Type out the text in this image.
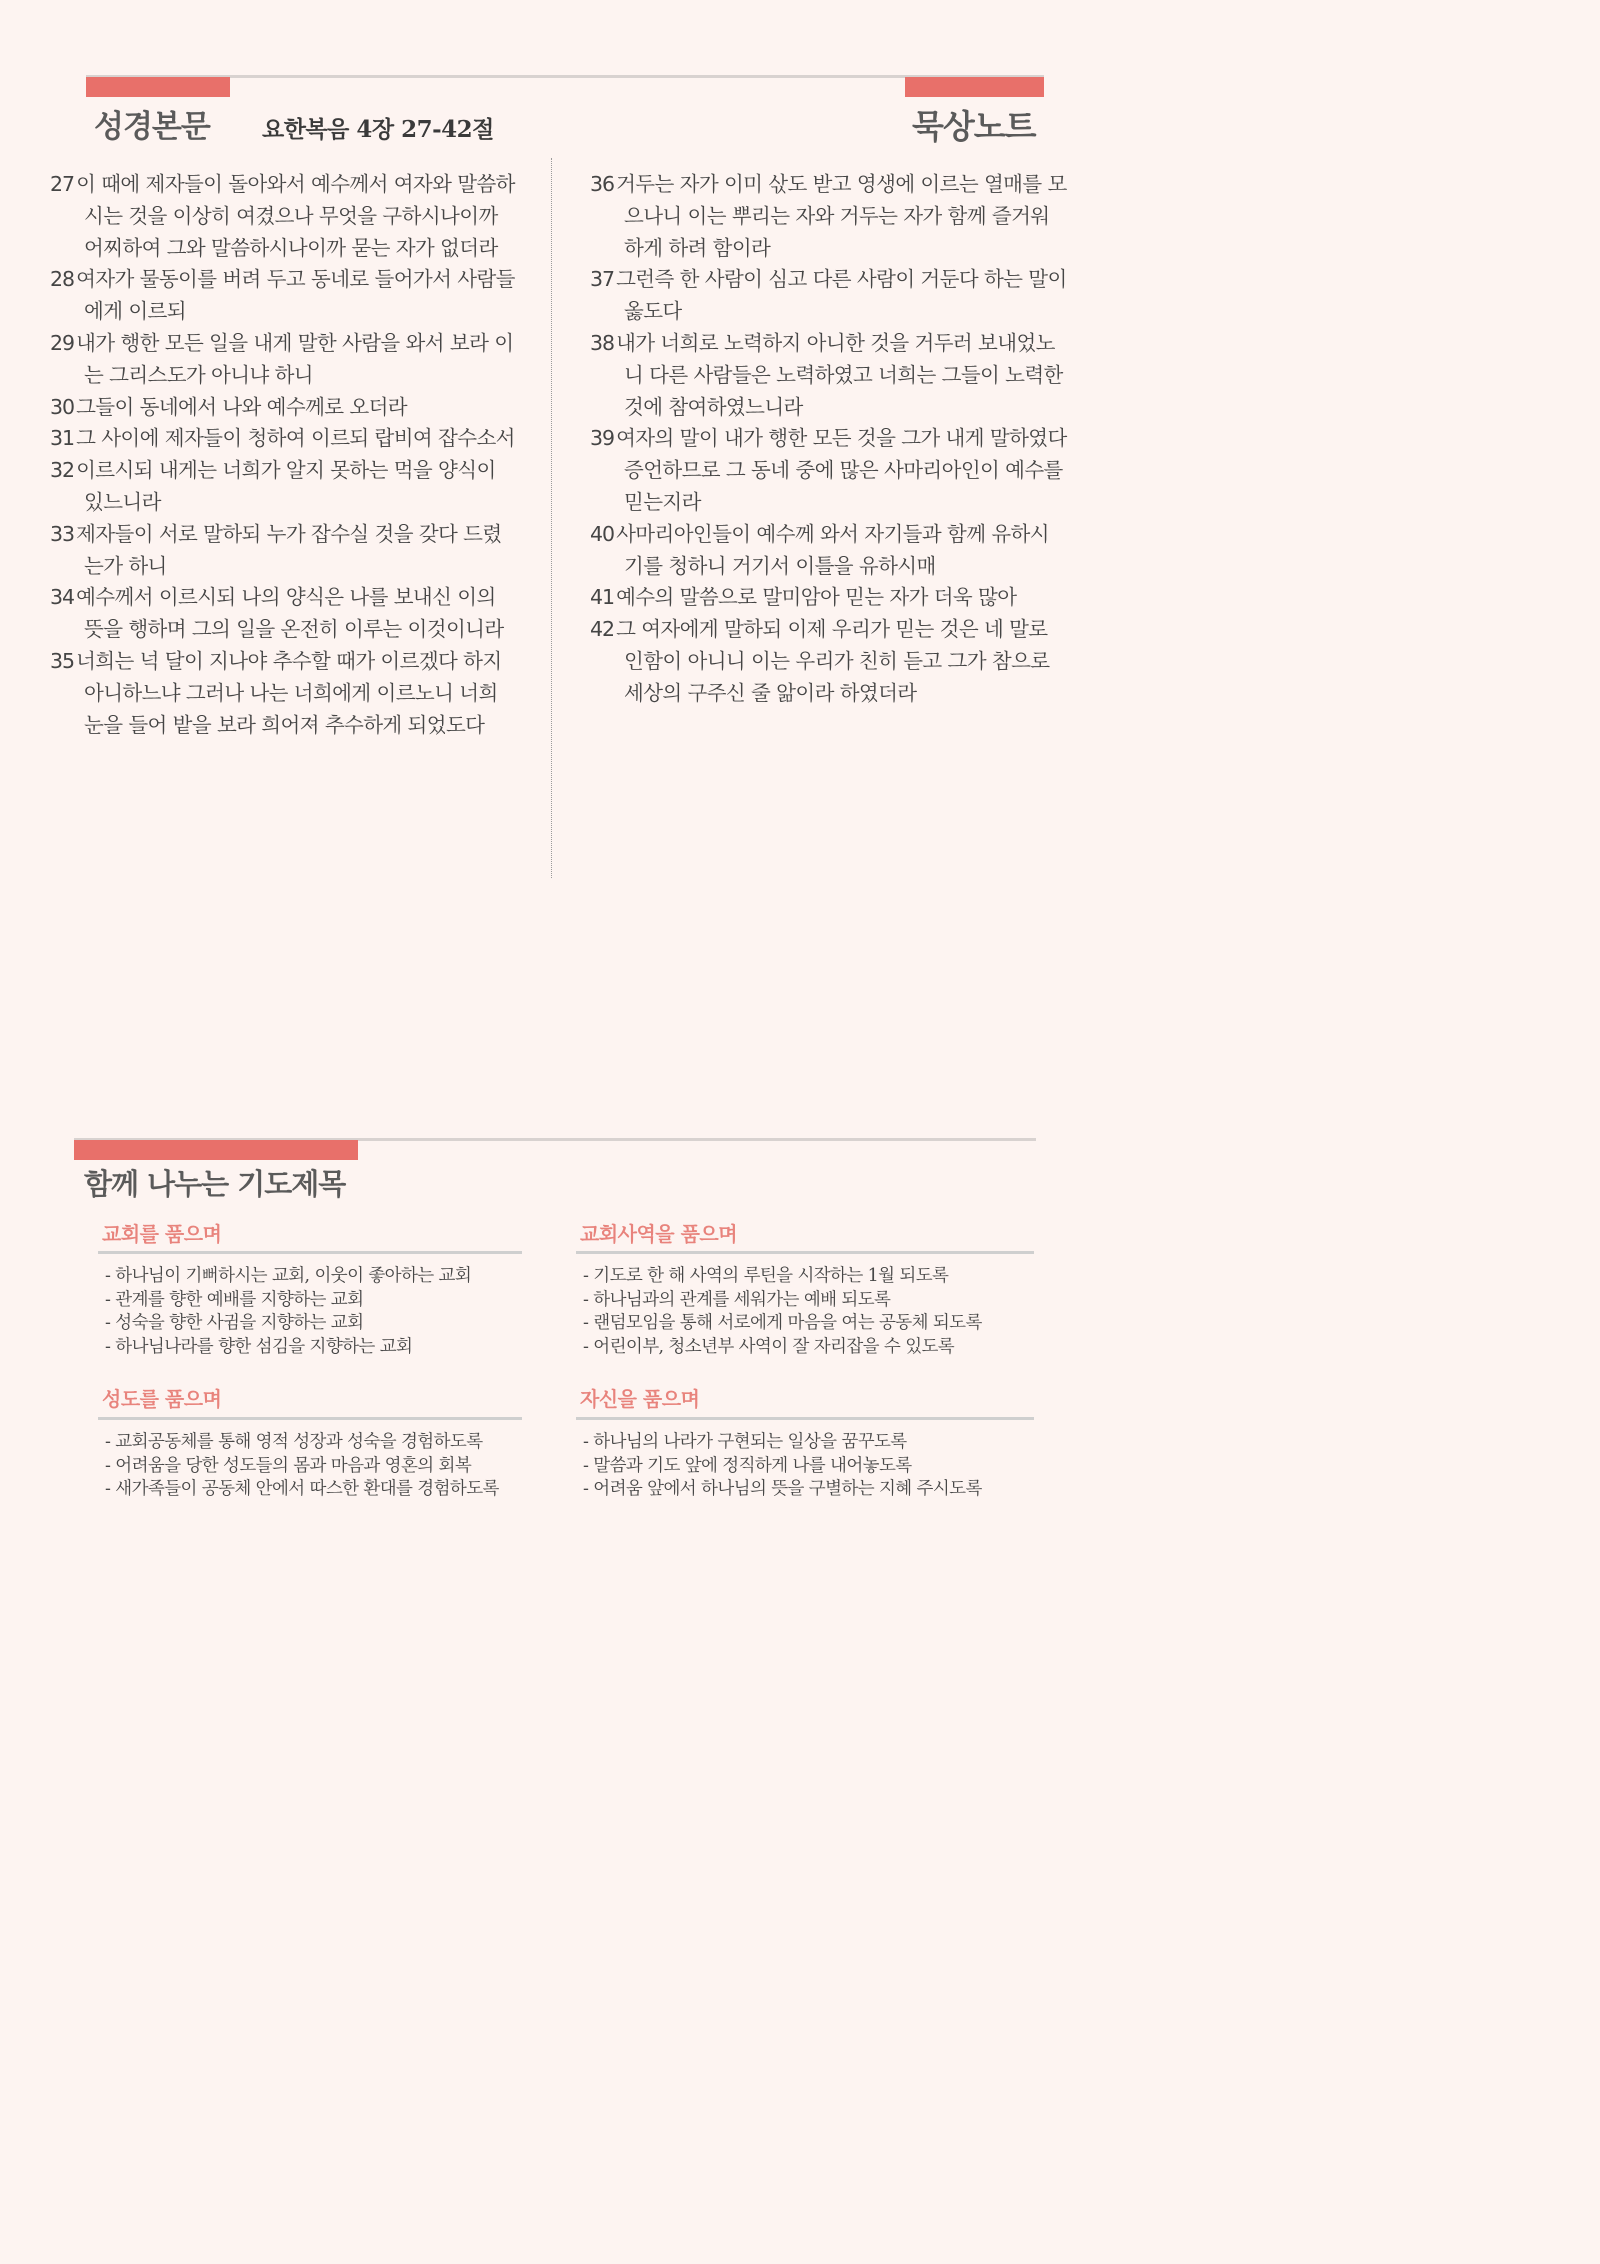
성경본문 요한복음 4장 27-42절	묵상노트
27이 때에 제자들이 돌아와서 예수께서 여자와 말씀하시는 것을 이상히 여겼으나 무엇을 구하시나이까 어찌하여 그와 말씀하시나이까 묻는 자가 없더라
28여자가 물동이를 버려 두고 동네로 들어가서 사람들에게 이르되
29내가 행한 모든 일을 내게 말한 사람을 와서 보라 이는 그리스도가 아니냐 하니
30그들이 동네에서 나와 예수께로 오더라
31그 사이에 제자들이 청하여 이르되 랍비여 잡수소서
32이르시되 내게는 너희가 알지 못하는 먹을 양식이 있느니라
33제자들이 서로 말하되 누가 잡수실 것을 갖다 드렸는가 하니
34예수께서 이르시되 나의 양식은 나를 보내신 이의 뜻을 행하며 그의 일을 온전히 이루는 이것이니라
35너희는 넉 달이 지나야 추수할 때가 이르겠다 하지 아니하느냐 그러나 나는 너희에게 이르노니 너희 눈을 들어 밭을 보라 희어져 추수하게 되었도다
36거두는 자가 이미 삯도 받고 영생에 이르는 열매를 모으나니 이는 뿌리는 자와 거두는 자가 함께 즐거워하게 하려 함이라
37그런즉 한 사람이 심고 다른 사람이 거둔다 하는 말이 옳도다
38내가 너희로 노력하지 아니한 것을 거두러 보내었노니 다른 사람들은 노력하였고 너희는 그들이 노력한 것에 참여하였느니라
39여자의 말이 내가 행한 모든 것을 그가 내게 말하였다 증언하므로 그 동네 중에 많은 사마리아인이 예수를 믿는지라
40사마리아인들이 예수께 와서 자기들과 함께 유하시기를 청하니 거기서 이틀을 유하시매
41예수의 말씀으로 말미암아 믿는 자가 더욱 많아
42그 여자에게 말하되 이제 우리가 믿는 것은 네 말로 인함이 아니니 이는 우리가 친히 듣고 그가 참으로 세상의 구주신 줄 앎이라 하였더라
함께 나누는 기도제목
교회를 품으며
- 하나님이 기뻐하시는 교회, 이웃이 좋아하는 교회
- 관계를 향한 예배를 지향하는 교회
- 성숙을 향한 사귐을 지향하는 교회
- 하나님나라를 향한 섬김을 지향하는 교회
교회사역을 품으며
- 기도로 한 해 사역의 루틴을 시작하는 1월 되도록
- 하나님과의 관계를 세워가는 예배 되도록
- 랜덤모임을 통해 서로에게 마음을 여는 공동체 되도록
- 어린이부, 청소년부 사역이 잘 자리잡을 수 있도록
성도를 품으며
- 교회공동체를 통해 영적 성장과 성숙을 경험하도록
- 어려움을 당한 성도들의 몸과 마음과 영혼의 회복
- 새가족들이 공동체 안에서 따스한 환대를 경험하도록
자신을 품으며
- 하나님의 나라가 구현되는 일상을 꿈꾸도록
- 말씀과 기도 앞에 정직하게 나를 내어놓도록
- 어려움 앞에서 하나님의 뜻을 구별하는 지혜 주시도록
